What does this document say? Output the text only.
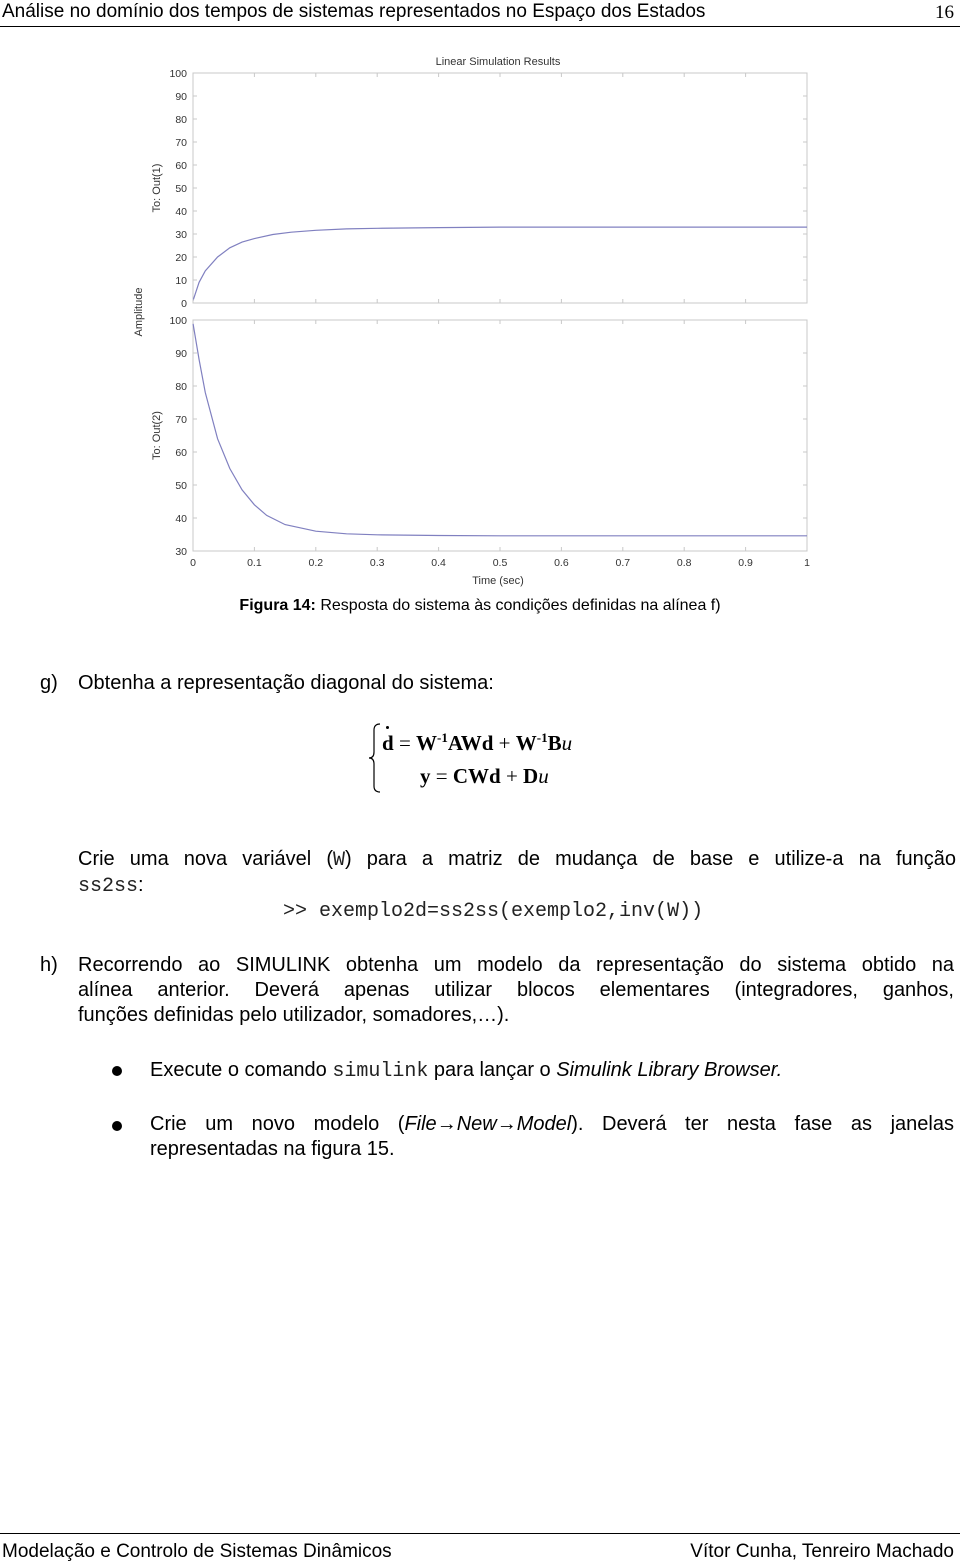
Análise no domínio dos tempos de sistemas representados no Espaço dos Estados	16
Linear Simulation Results
Amplitude
Time (sec)
0
10
20
30
40
50
60
70
80
90
100
To: Out(1)
30
40
50
60
70
80
90
100
To: Out(2)
0	0.1	0.2	0.3	0.4	0.5	0.6	0.7	0.8	0.9	1
Figura 14: Resposta do sistema às condições definidas na alínea f)
g) Obtenha a representação diagonal do sistema:
$d = W^{-1}AWd + W^{-1}Bu$
y = CWd + Du
Crie uma nova variável (W) para a matriz de mudança de base e utilize-a na função
ss2ss:
>> exemplo2d=ss2ss(exemplo2,inv(W))
h) Recorrendo ao SIMULINK obtenha um modelo da representação do sistema obtido na
alínea anterior. Deverá apenas utilizar blocos elementares (integradores, ganhos,
funções definidas pelo utilizador, somadores,…).
Execute o comando simulink para lançar o Simulink Library Browser.
Crie um novo modelo (File→New→Model). Deverá ter nesta fase as janelas
representadas na figura 15.
Modelação e Controlo de Sistemas Dinâmicos	Vítor Cunha, Tenreiro Machado
